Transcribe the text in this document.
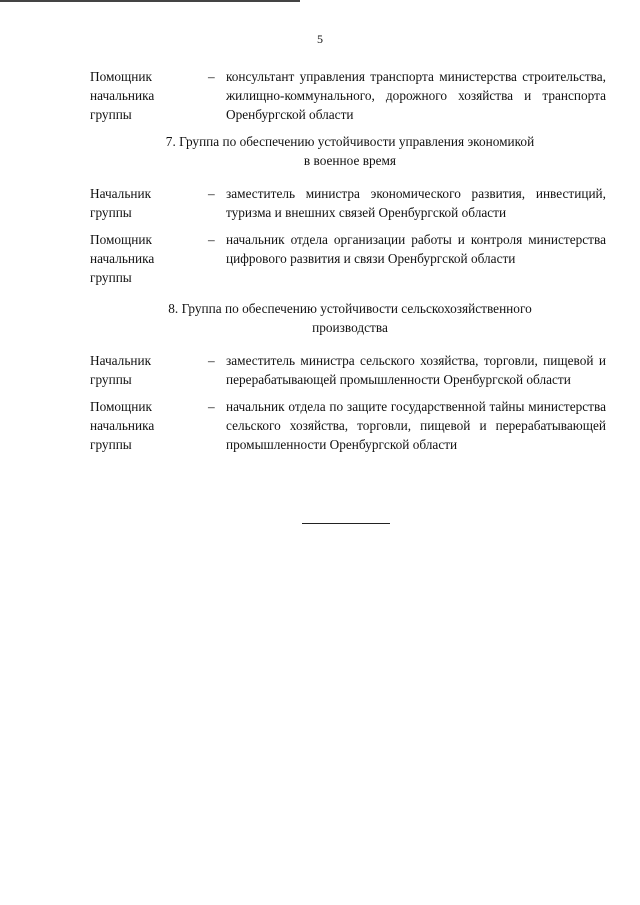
5
Помощник
начальника
группы
– консультант управления транспорта министерства строительства, жилищно-коммунального, дорожного хозяйства и транспорта Оренбургской области
7. Группа по обеспечению устойчивости управления экономикой
в военное время
Начальник
группы
– заместитель министра экономического развития, инвестиций, туризма и внешних связей Оренбургской области
Помощник
начальника
группы
– начальник отдела организации работы и контроля министерства цифрового развития и связи Оренбургской области
8. Группа по обеспечению устойчивости сельскохозяйственного
производства
Начальник
группы
– заместитель министра сельского хозяйства, торговли, пищевой и перерабатывающей промышленности Оренбургской области
Помощник
начальника
группы
– начальник отдела по защите государственной тайны министерства сельского хозяйства, торговли, пищевой и перерабатывающей промышленности Оренбургской области
